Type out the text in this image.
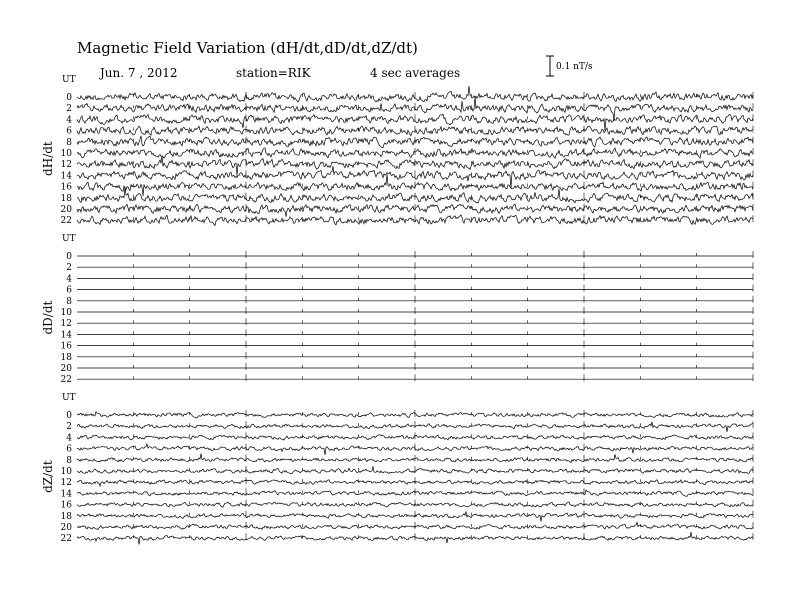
Magnetic Field Variation (dH/dt,dD/dt,dZ/dt)
Jun. 7 , 2012	station=RIK	4 sec averages	0.1 nT/s
UT
dH/dt
0
2
4
6
8
10
12
14
16
18
20
22
UT
dD/dt
0
2
4
6
8
10
12
14
16
18
20
22
UT
dZ/dt
0
2
4
6
8
10
12
14
16
18
20
22
